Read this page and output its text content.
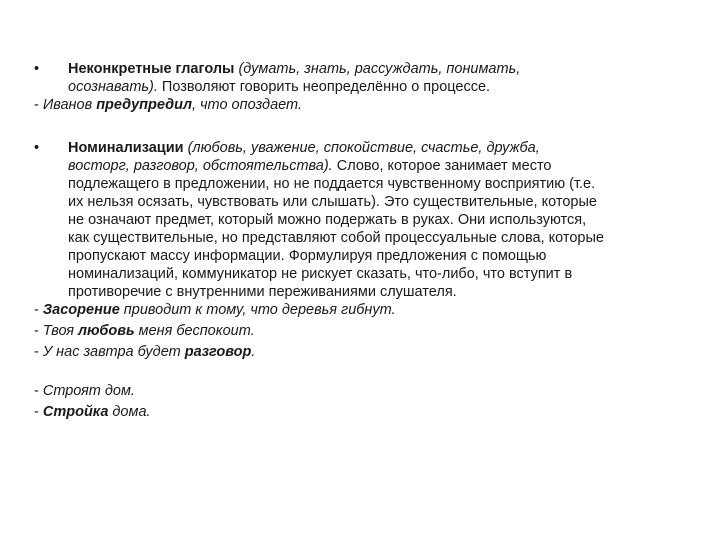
• Неконкретные глаголы (думать, знать, рассуждать, понимать,
осознавать). Позволяют говорить неопределённо о процессе.

- Иванов предупредил, что опоздает.

• Номинализации (любовь, уважение, спокойствие, счастье, дружба,
восторг, разговор, обстоятельства). Слово, которое занимает место
подлежащего в предложении, но не поддается чувственному восприятию (т.е.
их нельзя осязать, чувствовать или слышать). Это существительные, которые
не означают предмет, который можно подержать в руках. Они используются,
как существительные, но представляют собой процессуальные слова, которые
пропускают массу информации. Формулируя предложения с помощью
номинализаций, коммуникатор не рискует сказать, что-либо, что вступит в
противоречие с внутренними переживаниями слушателя.

- Засорение приводит к тому, что деревья гибнут.

- Твоя любовь меня беспокоит.

- У нас завтра будет разговор.

- Строят дом.

- Стройка дома.
